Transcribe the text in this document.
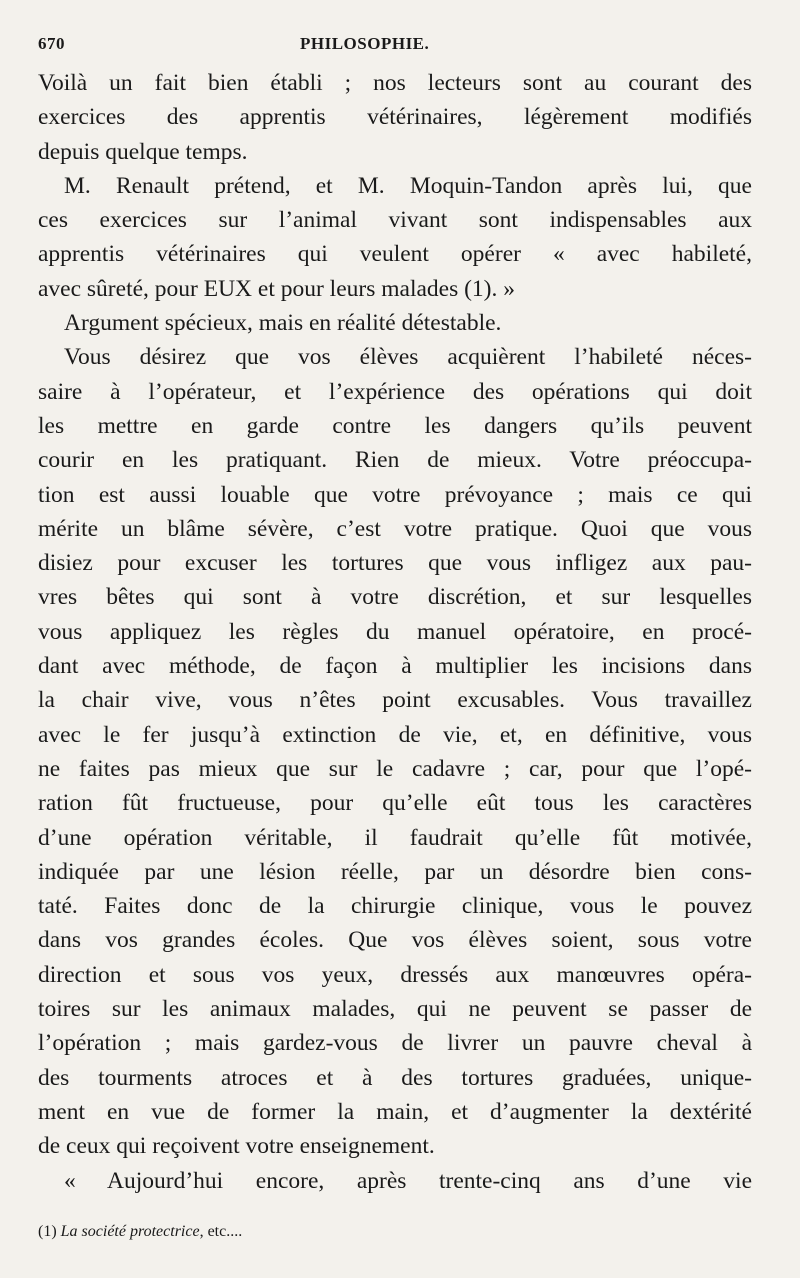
670	PHILOSOPHIE.
Voilà un fait bien établi ; nos lecteurs sont au courant des
exercices des apprentis vétérinaires, légèrement modifiés
depuis quelque temps.
M. Renault prétend, et M. Moquin-Tandon après lui, que
ces exercices sur l’animal vivant sont indispensables aux
apprentis vétérinaires qui veulent opérer « avec habileté,
avec sûreté, pour EUX et pour leurs malades (1). »
Argument spécieux, mais en réalité détestable.
Vous désirez que vos élèves acquièrent l’habileté néces-
saire à l’opérateur, et l’expérience des opérations qui doit
les mettre en garde contre les dangers qu’ils peuvent
courir en les pratiquant. Rien de mieux. Votre préoccupa-
tion est aussi louable que votre prévoyance ; mais ce qui
mérite un blâme sévère, c’est votre pratique. Quoi que vous
disiez pour excuser les tortures que vous infligez aux pau-
vres bêtes qui sont à votre discrétion, et sur lesquelles
vous appliquez les règles du manuel opératoire, en procé-
dant avec méthode, de façon à multiplier les incisions dans
la chair vive, vous n’êtes point excusables. Vous travaillez
avec le fer jusqu’à extinction de vie, et, en définitive, vous
ne faites pas mieux que sur le cadavre ; car, pour que l’opé-
ration fût fructueuse, pour qu’elle eût tous les caractères
d’une opération véritable, il faudrait qu’elle fût motivée,
indiquée par une lésion réelle, par un désordre bien cons-
taté. Faites donc de la chirurgie clinique, vous le pouvez
dans vos grandes écoles. Que vos élèves soient, sous votre
direction et sous vos yeux, dressés aux manœuvres opéra-
toires sur les animaux malades, qui ne peuvent se passer de
l’opération ; mais gardez-vous de livrer un pauvre cheval à
des tourments atroces et à des tortures graduées, unique-
ment en vue de former la main, et d’augmenter la dextérité
de ceux qui reçoivent votre enseignement.
« Aujourd’hui encore, après trente-cinq ans d’une vie
(1) La société protectrice, etc....
